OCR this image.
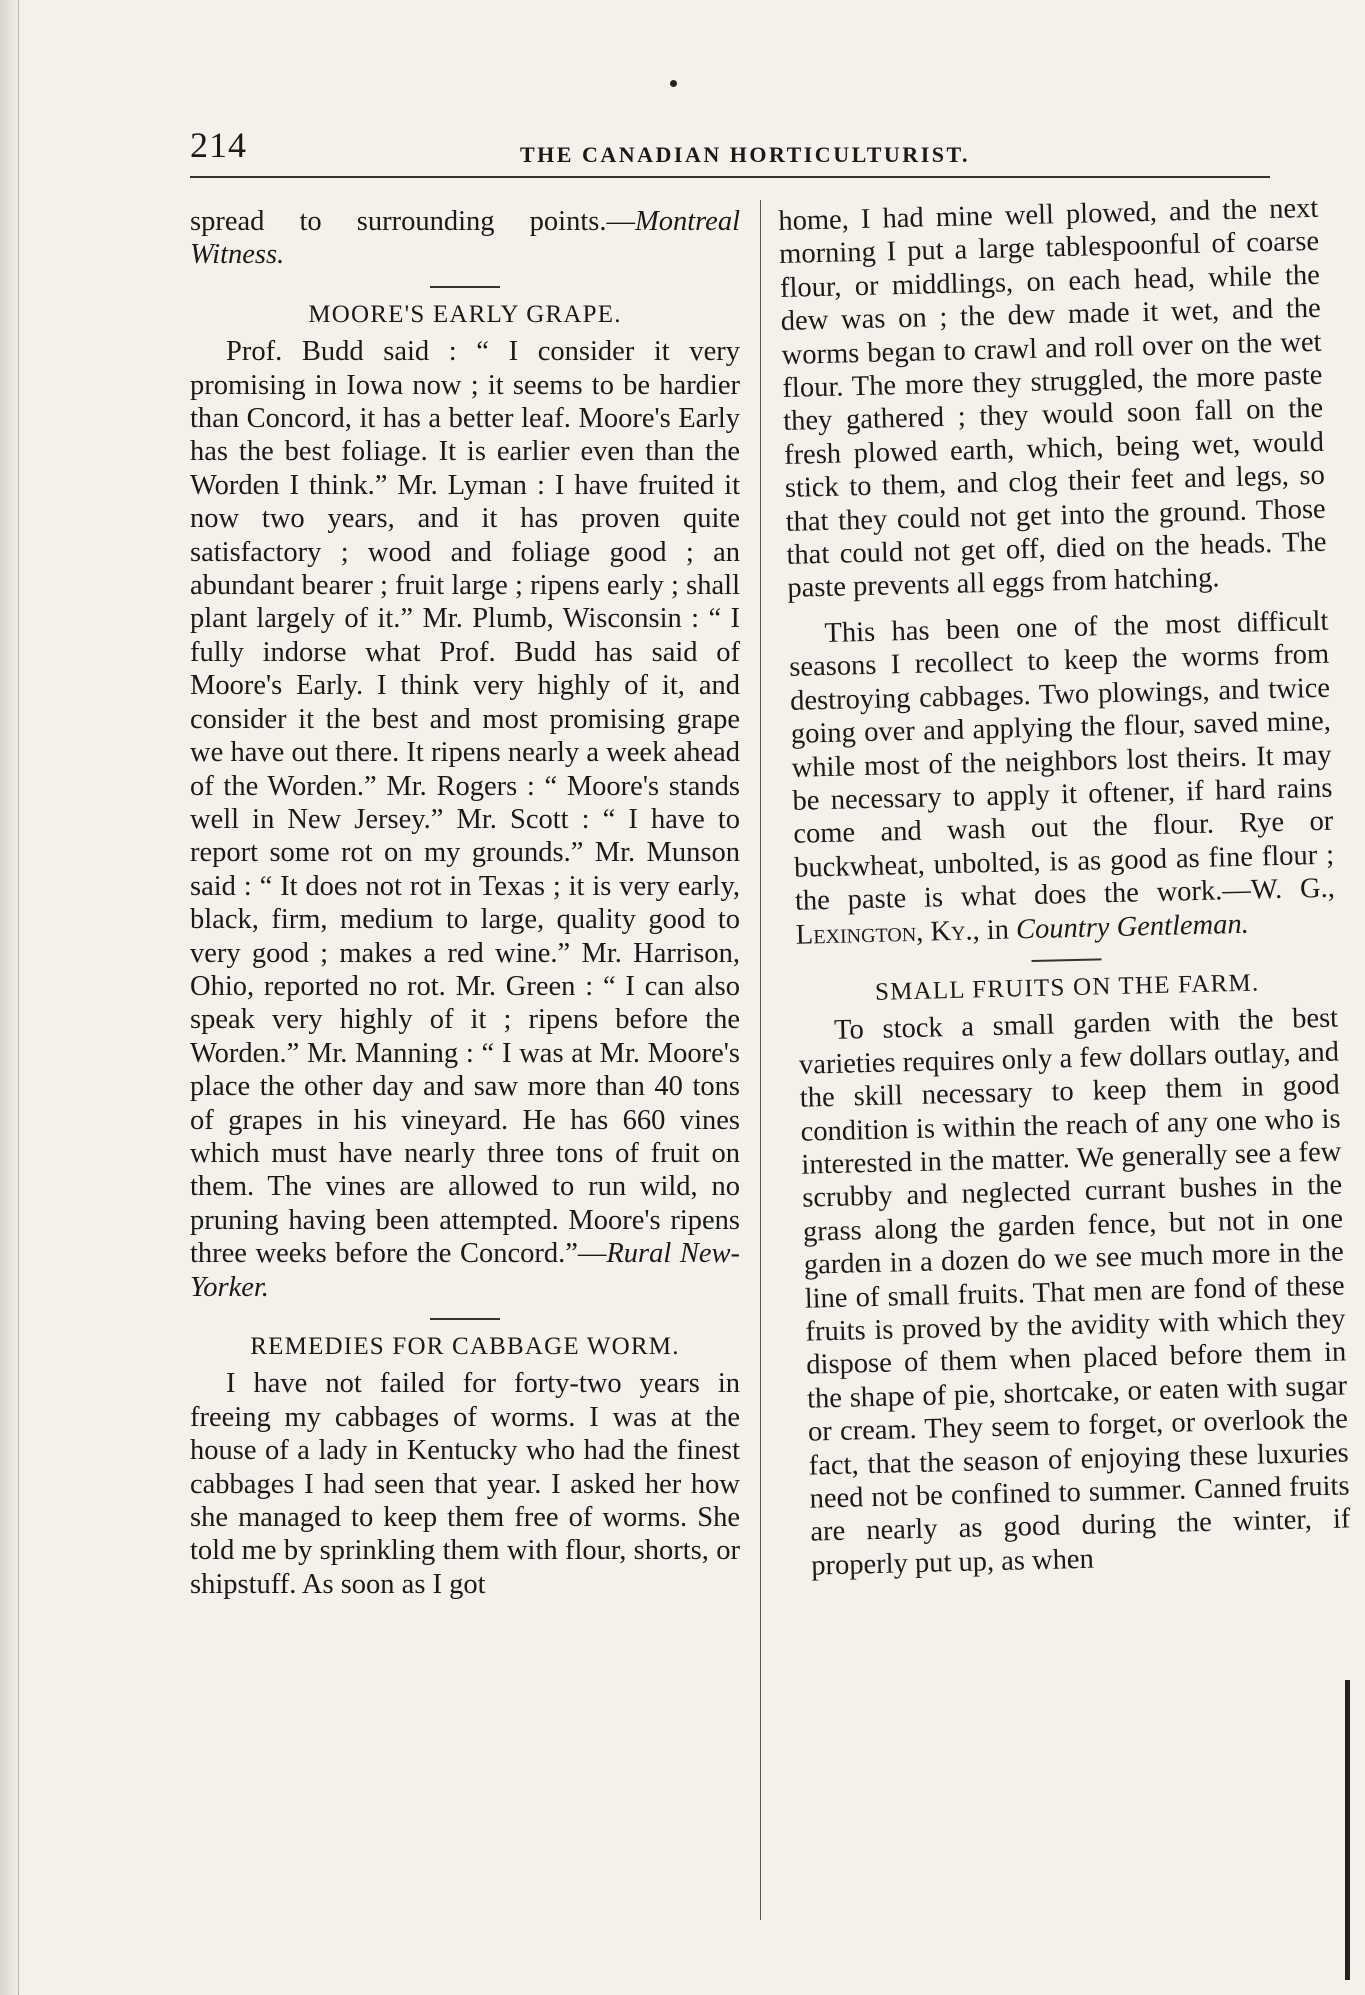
214	THE CANADIAN HORTICULTURIST.

spread to surrounding points.—Montreal Witness.

MOORE'S EARLY GRAPE.

Prof. Budd said : “ I consider it very promising in Iowa now ; it seems to be hardier than Concord, it has a better leaf. Moore's Early has the best foliage. It is earlier even than the Worden I think.” Mr. Lyman : I have fruited it now two years, and it has proven quite satisfactory ; wood and foliage good ; an abundant bearer ; fruit large ; ripens early ; shall plant largely of it.” Mr. Plumb, Wisconsin : “ I fully indorse what Prof. Budd has said of Moore's Early. I think very highly of it, and consider it the best and most promising grape we have out there. It ripens nearly a week ahead of the Worden.” Mr. Rogers : “ Moore's stands well in New Jersey.” Mr. Scott : “ I have to report some rot on my grounds.” Mr. Munson said : “ It does not rot in Texas ; it is very early, black, firm, medium to large, quality good to very good ; makes a red wine.” Mr. Harrison, Ohio, reported no rot. Mr. Green : “ I can also speak very highly of it ; ripens before the Worden.” Mr. Manning : “ I was at Mr. Moore's place the other day and saw more than 40 tons of grapes in his vineyard. He has 660 vines which must have nearly three tons of fruit on them. The vines are allowed to run wild, no pruning having been attempted. Moore's ripens three weeks before the Concord.”—Rural New-Yorker.

REMEDIES FOR CABBAGE WORM.

I have not failed for forty-two years in freeing my cabbages of worms. I was at the house of a lady in Kentucky who had the finest cabbages I had seen that year. I asked her how she managed to keep them free of worms. She told me by sprinkling them with flour, shorts, or shipstuff. As soon as I got

home, I had mine well plowed, and the next morning I put a large tablespoonful of coarse flour, or middlings, on each head, while the dew was on ; the dew made it wet, and the worms began to crawl and roll over on the wet flour. The more they struggled, the more paste they gathered ; they would soon fall on the fresh plowed earth, which, being wet, would stick to them, and clog their feet and legs, so that they could not get into the ground. Those that could not get off, died on the heads. The paste prevents all eggs from hatching.

This has been one of the most difficult seasons I recollect to keep the worms from destroying cabbages. Two plowings, and twice going over and applying the flour, saved mine, while most of the neighbors lost theirs. It may be necessary to apply it oftener, if hard rains come and wash out the flour. Rye or buckwheat, unbolted, is as good as fine flour ; the paste is what does the work.—W. G., Lexington, Ky., in Country Gentleman.

SMALL FRUITS ON THE FARM.

To stock a small garden with the best varieties requires only a few dollars outlay, and the skill necessary to keep them in good condition is within the reach of any one who is interested in the matter. We generally see a few scrubby and neglected currant bushes in the grass along the garden fence, but not in one garden in a dozen do we see much more in the line of small fruits. That men are fond of these fruits is proved by the avidity with which they dispose of them when placed before them in the shape of pie, shortcake, or eaten with sugar or cream. They seem to forget, or overlook the fact, that the season of enjoying these luxuries need not be confined to summer. Canned fruits are nearly as good during the winter, if properly put up, as when
